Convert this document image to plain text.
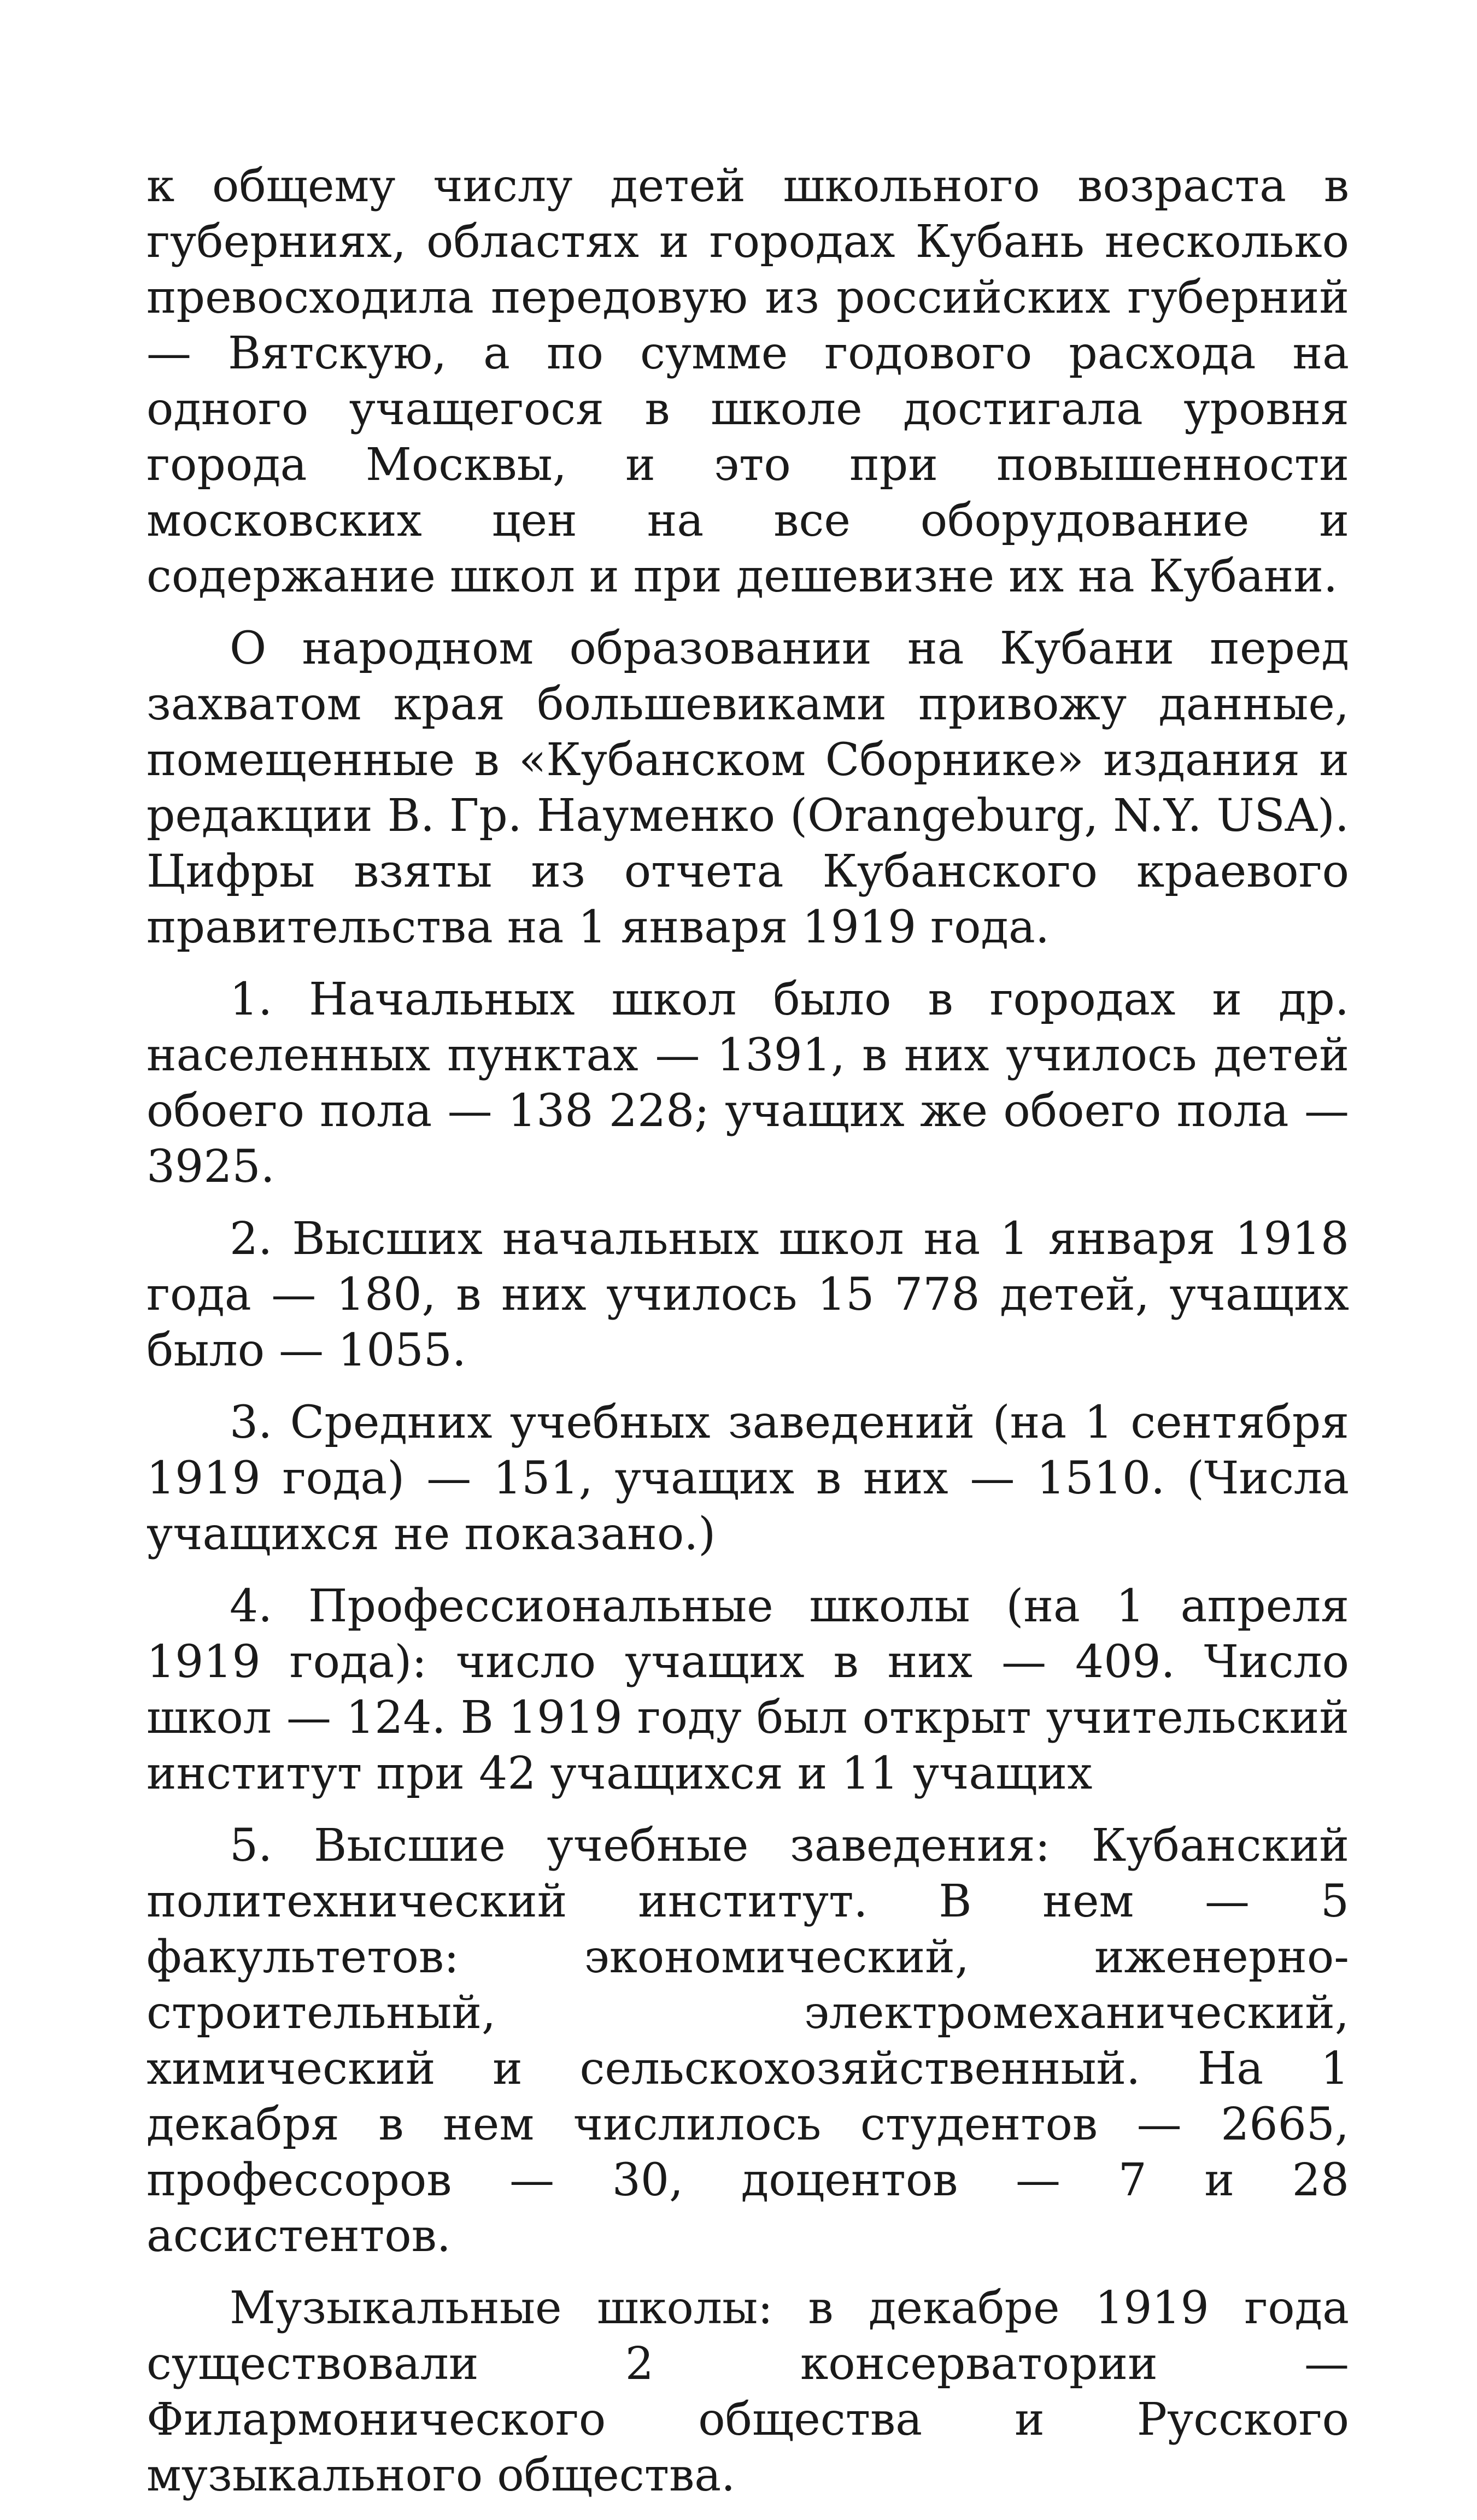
к общему числу детей школьного возраста в губерниях, областях и городах Кубань несколько превосходила передовую из российских губерний — Вятскую, а по сумме годового расхода на одного учащегося в школе достигала уровня города Москвы, и это при повышенности московских цен на все оборудование и содержание школ и при дешевизне их на Кубани.

О народном образовании на Кубани перед захватом края большевиками привожу данные, помещенные в «Кубанском Сборнике» издания и редакции В. Гр. Науменко (Orangeburg, N.Y. USA). Цифры взяты из отчета Кубанского краевого правительства на 1 января 1919 года.

1. Начальных школ было в городах и др. населенных пунктах — 1391, в них училось детей обоего пола — 138 228; учащих же обоего пола — 3925.

2. Высших начальных школ на 1 января 1918 года — 180, в них училось 15 778 детей, учащих было — 1055.

3. Средних учебных заведений (на 1 сентября 1919 года) — 151, учащих в них — 1510. (Числа учащихся не показано.)

4. Профессиональные школы (на 1 апреля 1919 года): число учащих в них — 409. Число школ — 124. В 1919 году был открыт учительский институт при 42 учащихся и 11 учащих

5. Высшие учебные заведения: Кубанский политехнический институт. В нем — 5 факультетов: экономический, иженерно-строительный, электромеханический, химический и сельскохозяйственный. На 1 декабря в нем числилось студентов — 2665, профессоров — 30, доцентов — 7 и 28 ассистентов.

Музыкальные школы: в декабре 1919 года существовали 2 консерватории — Филармонического общества и Русского музыкального общества.
